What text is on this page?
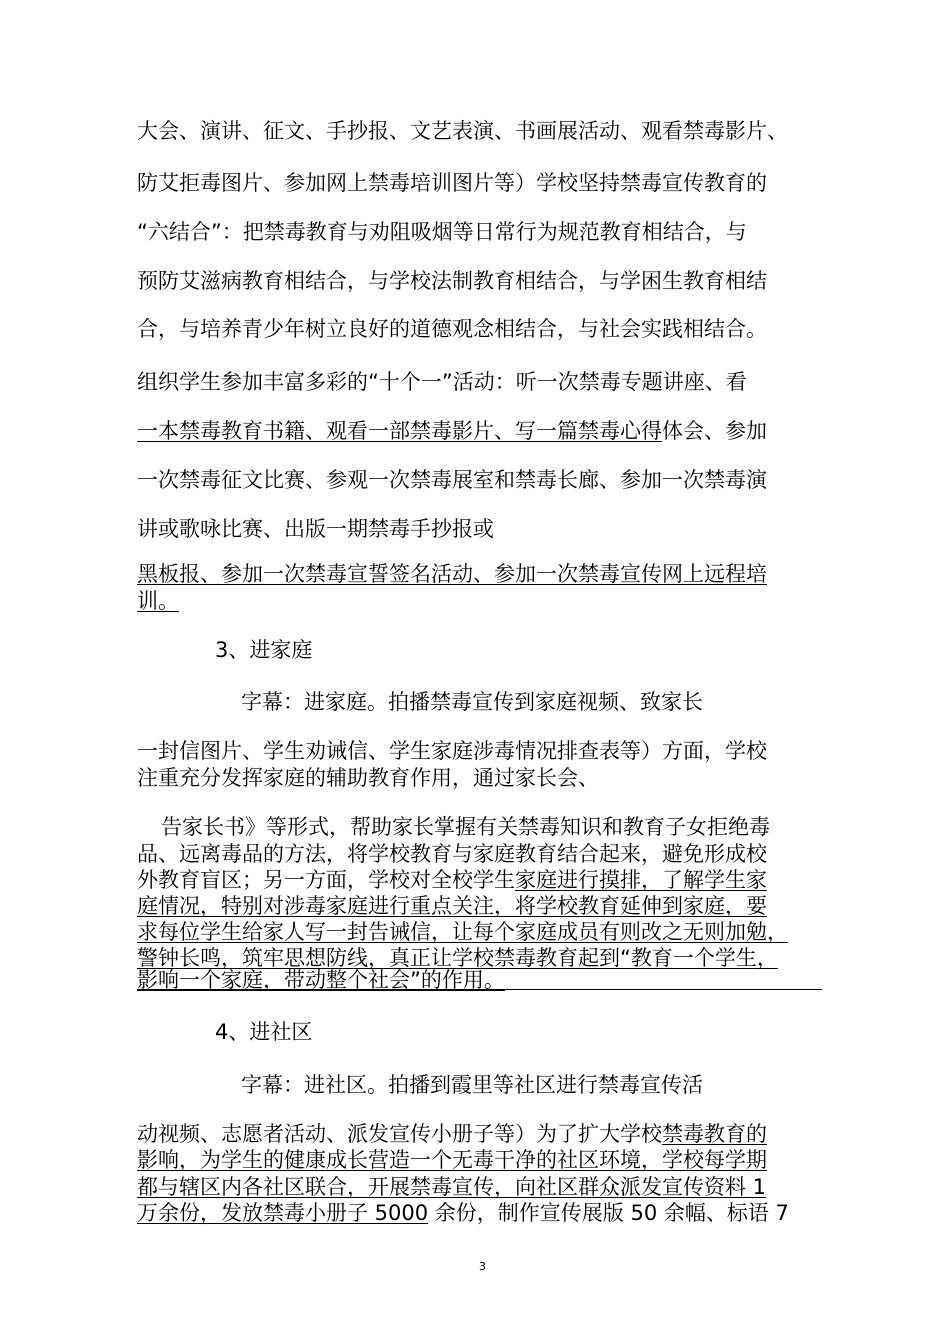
大会、演讲、征文、手抄报、文艺表演、书画展活动、观看禁毒影片、
防艾拒毒图片、参加网上禁毒培训图片等）学校坚持禁毒宣传教育的
“六结合”：把禁毒教育与劝阻吸烟等日常行为规范教育相结合，与
预防艾滋病教育相结合，与学校法制教育相结合，与学困生教育相结
合，与培养青少年树立良好的道德观念相结合，与社会实践相结合。
组织学生参加丰富多彩的“十个一”活动：听一次禁毒专题讲座、看
一本禁毒教育书籍、观看一部禁毒影片、写一篇禁毒心得体会、参加
一次禁毒征文比赛、参观一次禁毒展室和禁毒长廊、参加一次禁毒演
讲或歌咏比赛、出版一期禁毒手抄报或
黑板报、参加一次禁毒宣誓签名活动、参加一次禁毒宣传网上远程培
训。
3、进家庭
字幕：进家庭。拍播禁毒宣传到家庭视频、致家长
一封信图片、学生劝诫信、学生家庭涉毒情况排查表等）方面，学校
注重充分发挥家庭的辅助教育作用，通过家长会、
告家长书》等形式，帮助家长掌握有关禁毒知识和教育子女拒绝毒
品、远离毒品的方法，将学校教育与家庭教育结合起来，避免形成校
外教育盲区；另一方面，学校对全校学生家庭进行摸排，了解学生家
庭情况，特别对涉毒家庭进行重点关注，将学校教育延伸到家庭，要
求每位学生给家人写一封告诫信，让每个家庭成员有则改之无则加勉，
警钟长鸣，筑牢思想防线，真正让学校禁毒教育起到“教育一个学生，
影响一个家庭，带动整个社会”的作用。
4、进社区
字幕：进社区。拍播到霞里等社区进行禁毒宣传活
动视频、志愿者活动、派发宣传小册子等）为了扩大学校禁毒教育的
影响，为学生的健康成长营造一个无毒干净的社区环境，学校每学期
都与辖区内各社区联合，开展禁毒宣传，向社区群众派发宣传资料 1
万余份，发放禁毒小册子 5000 余份，制作宣传展版 50 余幅、标语 7
3
